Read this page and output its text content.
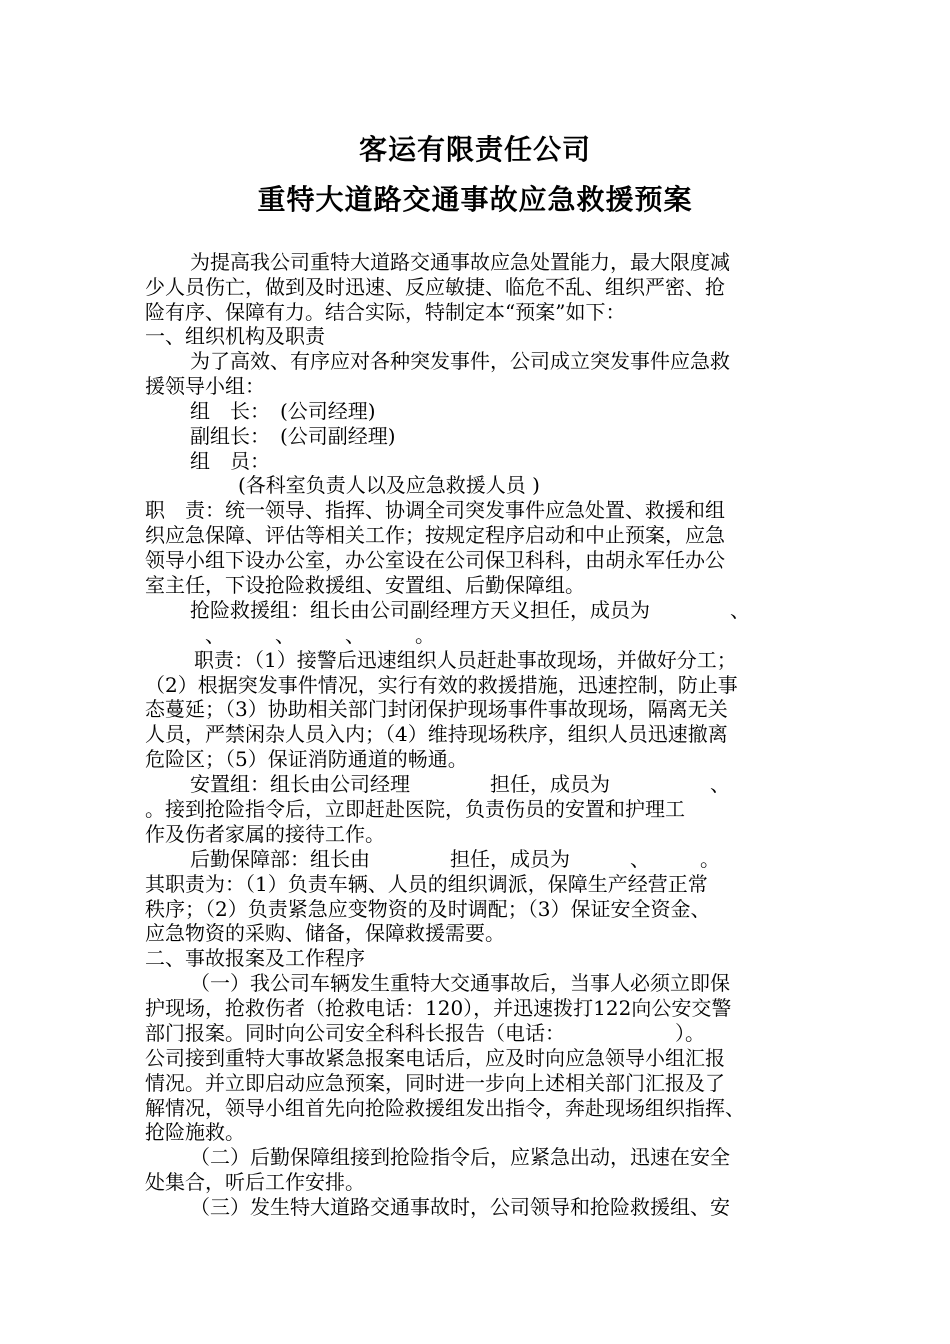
客运有限责任公司
重特大道路交通事故应急救援预案
为提高我公司重特大道路交通事故应急处置能力，最大限度减
少人员伤亡，做到及时迅速、反应敏捷、临危不乱、组织严密、抢
险有序、保障有力。结合实际，特制定本“预案”如下：
一、组织机构及职责
为了高效、有序应对各种突发事件，公司成立突发事件应急救
援领导小组：
组　长：　(公司经理)
副组长：　(公司副经理)
组　员：
(各科室负责人以及应急救援人员 )
职　责：统一领导、指挥、协调全司突发事件应急处置、救援和组
织应急保障、评估等相关工作；按规定程序启动和中止预案，应急
领导小组下设办公室，办公室设在公司保卫科科，由胡永军任办公
室主任，下设抢险救援组、安置组、后勤保障组。
抢险救援组：组长由公司副经理方天义担任，成员为　　　　、
、　　　、　　　、　　　。
职责：（1）接警后迅速组织人员赶赴事故现场，并做好分工；
（2）根据突发事件情况，实行有效的救援措施，迅速控制，防止事
态蔓延；（3）协助相关部门封闭保护现场事件事故现场，隔离无关
人员，严禁闲杂人员入内；（4）维持现场秩序，组织人员迅速撤离
危险区；（5）保证消防通道的畅通。
安置组：组长由公司经理　　　　担任，成员为　　　　　、
。接到抢险指令后，立即赶赴医院，负责伤员的安置和护理工
作及伤者家属的接待工作。
后勤保障部：组长由　　　　担任，成员为　　　、　　　。
其职责为：（1）负责车辆、人员的组织调派，保障生产经营正常
秩序；（2）负责紧急应变物资的及时调配；（3）保证安全资金、
应急物资的采购、储备，保障救援需要。
二、事故报案及工作程序
（一）我公司车辆发生重特大交通事故后，当事人必须立即保
护现场，抢救伤者（抢救电话：120），并迅速拨打122向公安交警
部门报案。同时向公司安全科科长报告（电话：　　　　　　）。
公司接到重特大事故紧急报案电话后，应及时向应急领导小组汇报
情况。并立即启动应急预案，同时进一步向上述相关部门汇报及了
解情况，领导小组首先向抢险救援组发出指令，奔赴现场组织指挥、
抢险施救。
（二）后勤保障组接到抢险指令后，应紧急出动，迅速在安全
处集合，听后工作安排。
（三）发生特大道路交通事故时，公司领导和抢险救援组、安
